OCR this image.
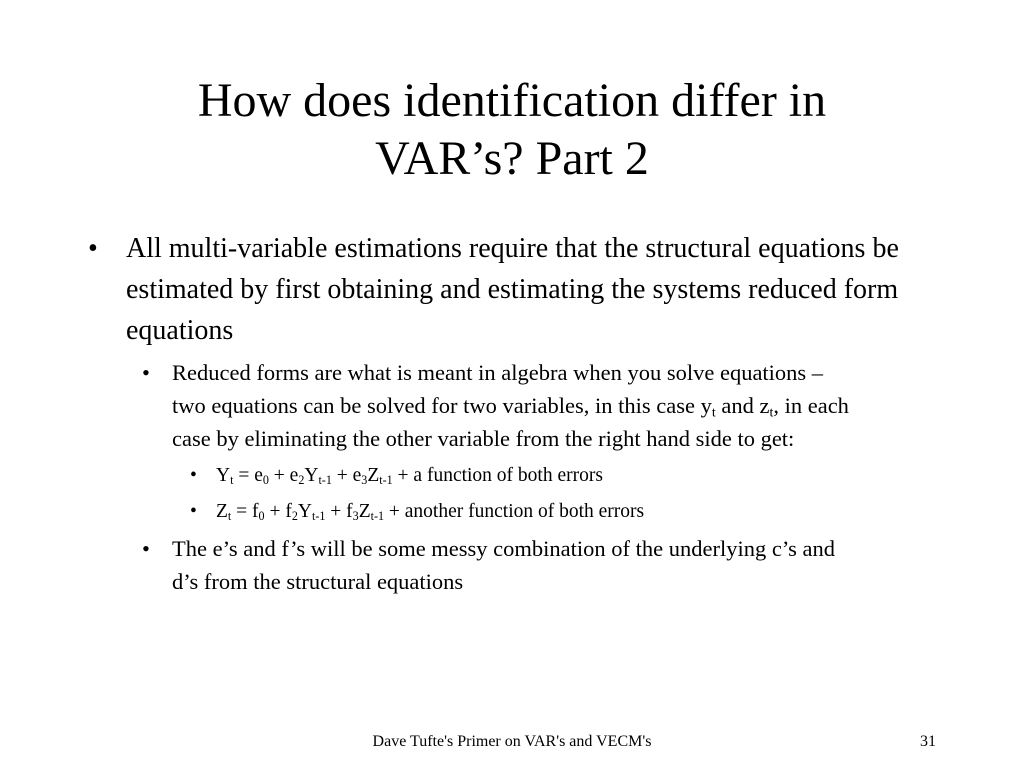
How does identification differ in
VAR’s? Part 2

• All multi-variable estimations require that the structural equations be estimated by first obtaining and estimating the systems reduced form equations

• Reduced forms are what is meant in algebra when you solve equations – two equations can be solved for two variables, in this case $y_t$ and $z_t$, in each case by eliminating the other variable from the right hand side to get:

• $Y_t = e_0 + e_2Y_{t-1} + e_3Z_{t-1} + a$ function of both errors

• $Z_t = f_0 + f_2Y_{t-1} + f_3Z_{t-1}$ + another function of both errors

• The e’s and f’s will be some messy combination of the underlying c’s and d’s from the structural equations

Dave Tufte's Primer on VAR's and VECM's	31
